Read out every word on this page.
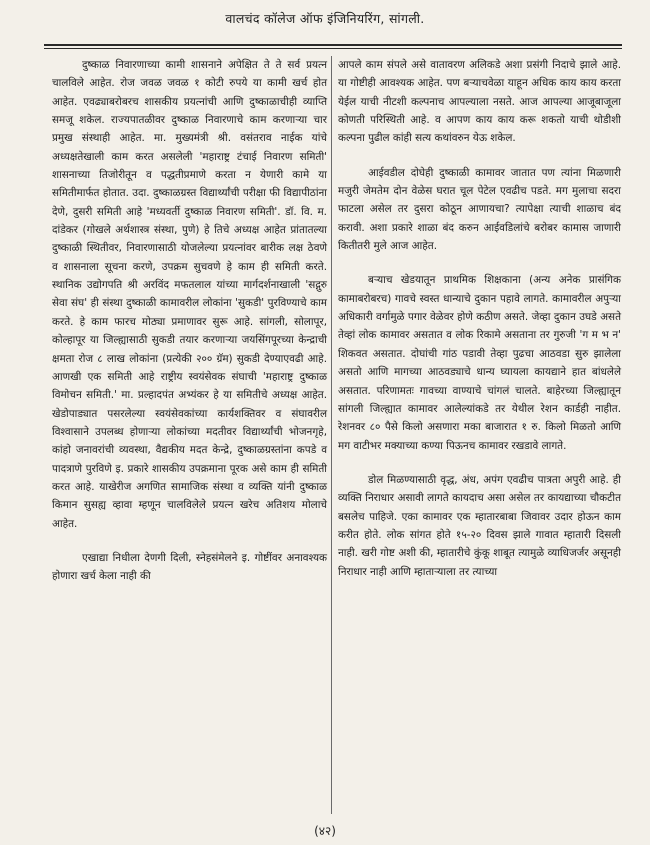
वालचंद कॉलेज ऑफ इंजिनियरिंग, सांगली.

दुष्काळ निवारणाच्या कामी शासनाने अपेक्षित ते ते सर्व प्रयत्न चालविले आहेत. रोज जवळ जवळ १ कोटी रुपये या कामी खर्च होत आहेत. एवढ्याबरोबरच शासकीय प्रयत्नांची आणि दुष्काळाचीही व्याप्ति समजू शकेल. राज्यपातळीवर दुष्काळ निवारणाचे काम करणाऱ्या चार प्रमुख संस्थाही आहेत. मा. मुख्यमंत्री श्री. वसंतराव नाईक यांचे अध्यक्षतेखाली काम करत असलेली 'महाराष्ट्र टंचाई निवारण समिती' शासनाच्या तिजोरीतून व पद्धतीप्रमाणे करता न येणारी कामे या समितीमार्फत होतात. उदा. दुष्काळग्रस्त विद्यार्थ्यांची परीक्षा फी विद्यापीठांना देणे, दुसरी समिती आहे 'मध्यवर्ती दुष्काळ निवारण समिती'. डॉ. वि. म. दांडेकर (गोखले अर्थशास्त्र संस्था, पुणे) हे तिचे अध्यक्ष आहेत प्रांतातल्या दुष्काळी स्थितीवर, निवारणासाठी योजलेल्या प्रयत्नांवर बारीक लक्ष ठेवणे व शासनाला सूचना करणे, उपक्रम सुचवणे हे काम ही समिती करते. स्थानिक उद्योगपति श्री अरविंद मफतलाल यांच्या मार्गदर्शनाखाली 'सद्गुरु सेवा संघ' ही संस्था दुष्काळी कामावरील लोकांना 'सुकडी' पुरविण्याचे काम करते. हे काम फारच मोठ्या प्रमाणावर सुरू आहे. सांगली, सोलापूर, कोल्हापूर या जिल्ह्यासाठी सुकडी तयार करणाऱ्या जयसिंगपूरच्या केन्द्राची क्षमता रोज ८ लाख लोकांना (प्रत्येकी २०० ग्रॅम) सुकडी देण्याएवढी आहे. आणखी एक समिती आहे राष्ट्रीय स्वयंसेवक संघाची 'महाराष्ट्र दुष्काळ विमोचन समिती.' मा. प्रल्हादपंत अभ्यंकर हे या समितीचे अध्यक्ष आहेत. खेडोपाड्यात पसरलेल्या स्वयंसेवकांच्या कार्यशक्तिवर व संघावरील विश्वासाने उपलब्ध होणाऱ्या लोकांच्या मदतीवर विद्यार्थ्यांची भोजनगृहे, कांहो जनावरांची व्यवस्था, वैद्यकीय मदत केन्द्रे, दुष्काळग्रस्तांना कपडे व पादत्राणे पुरविणे इ. प्रकारे शासकीय उपक्रमाना पूरक असे काम ही समिती करत आहे. याखेरीज अगणित सामाजिक संस्था व व्यक्ति यांनी दुष्काळ किमान सुसह्य व्हावा म्हणून चालविलेले प्रयत्न खरेच अतिशय मोलाचे आहेत.

एखाद्या निधीला देणगी दिली, स्नेहसंमेलने इ. गोष्टींवर अनावश्यक होणारा खर्च केला नाही की

आपले काम संपले असे वातावरण अलिकडे अशा प्रसंगी निदाचे झाले आहे. या गोष्टीही आवश्यक आहेत. पण बऱ्याचवेळा याहून अधिक काय काय करता येईल याची नीटशी कल्पनाच आपल्याला नसते. आज आपल्या आजूबाजूला कोणती परिस्थिती आहे. व आपण काय काय करू शकतो याची थोडीशी कल्पना पुढील कांही सत्य कथांवरुन येऊ शकेल.

आईवडील दोघेही दुष्काळी कामावर जातात पण त्यांना मिळणारी मजुरी जेमतेम दोन वेळेस घरात चूल पेटेल एवढीच पडते. मग मुलाचा सदरा फाटला असेल तर दुसरा कोठून आणायचा? त्यापेक्षा त्याची शाळाच बंद करावी. अशा प्रकारे शाळा बंद करुन आईवडिलांचे बरोबर कामास जाणारी कितीतरी मुले आज आहेत.

बऱ्याच खेडयातून प्राथमिक शिक्षकाना (अन्य अनेक प्रासंगिक कामाबरोबरच) गावचे स्वस्त धान्याचे दुकान पहावे लागते. कामावरील अपुऱ्या अधिकारी वर्गामुळे पगार वेळेवर होणे कठीण असते. जेव्हा दुकान उघडे असते तेव्हां लोक कामावर असतात व लोक रिकामे असताना तर गुरुजी 'ग म भ न' शिकवत असतात. दोघांची गांठ पडावी तेव्हा पुढचा आठवडा सुरु झालेला असतो आणि मागच्या आठवड्याचे धान्य घ्यायला कायद्याने हात बांधलेले असतात. परिणामतः गावच्या वाण्याचे चांगलं चालते. बाहेरच्या जिल्ह्यातून सांगली जिल्ह्यात कामावर आलेल्यांकडे तर येथील रेशन कार्डही नाहीत. रेशनवर ८० पैसे किलो असणारा मका बाजारात १ रु. किलो मिळतो आणि मग वाटीभर मक्याच्या कण्या पिऊनच कामावर रखडावे लागते.

डोल मिळण्यासाठी वृद्ध, अंध, अपंग एवढीच पात्रता अपुरी आहे. ही व्यक्ति निराधार असावी लागते कायदाच असा असेल तर कायद्याच्या चौकटीत बसलेच पाहिजे. एका कामावर एक म्हातारबाबा जिवावर उदार होऊन काम करीत होते. लोक सांगत होते १५-२० दिवस झाले गावात म्हातारी दिसली नाही. खरी गोष्ट अशी की, म्हातारीचे कुंकू शाबूत त्यामुळे व्याधिजर्जर असूनही निराधार नाही आणि म्हाताऱ्याला तर त्याच्या

(४२)
